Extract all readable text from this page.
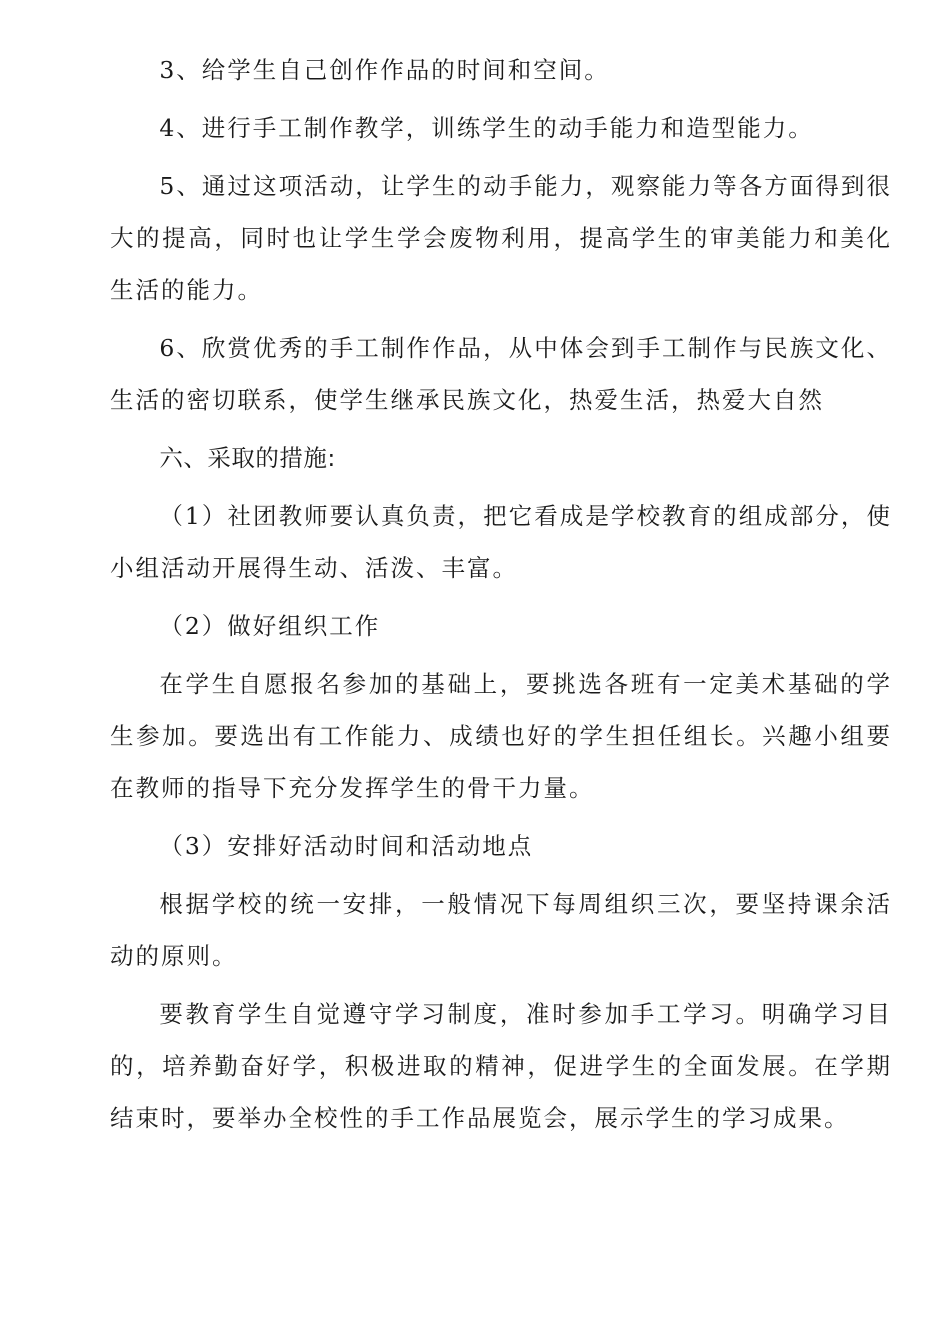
3、给学生自己创作作品的时间和空间。

4、进行手工制作教学，训练学生的动手能力和造型能力。

5、通过这项活动，让学生的动手能力，观察能力等各方面得到很大的提高，同时也让学生学会废物利用，提高学生的审美能力和美化生活的能力。

6、欣赏优秀的手工制作作品，从中体会到手工制作与民族文化、生活的密切联系，使学生继承民族文化，热爱生活，热爱大自然

六、采取的措施:

（1）社团教师要认真负责，把它看成是学校教育的组成部分，使小组活动开展得生动、活泼、丰富。

（2）做好组织工作

在学生自愿报名参加的基础上，要挑选各班有一定美术基础的学生参加。要选出有工作能力、成绩也好的学生担任组长。兴趣小组要在教师的指导下充分发挥学生的骨干力量。

（3）安排好活动时间和活动地点

根据学校的统一安排，一般情况下每周组织三次，要坚持课余活动的原则。

要教育学生自觉遵守学习制度，准时参加手工学习。明确学习目的，培养勤奋好学，积极进取的精神，促进学生的全面发展。在学期结束时，要举办全校性的手工作品展览会，展示学生的学习成果。
